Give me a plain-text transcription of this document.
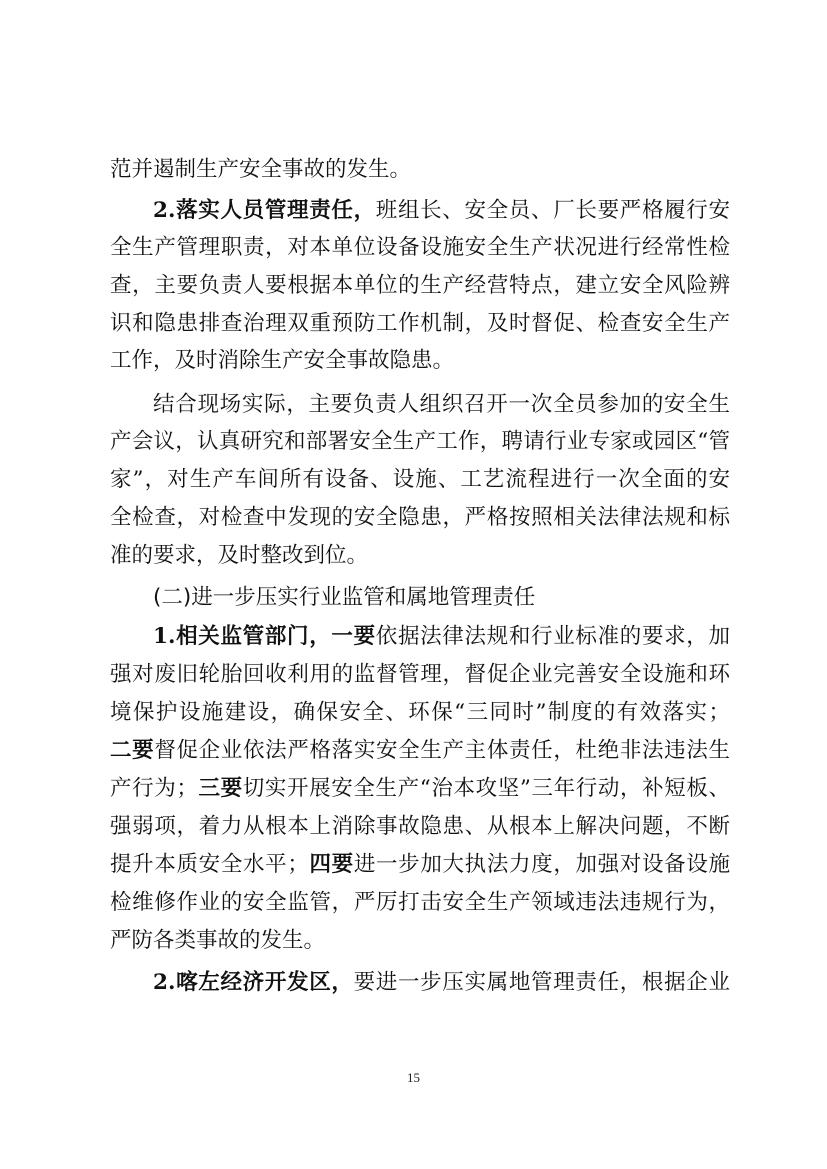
范并遏制生产安全事故的发生。
2.落实人员管理责任，班组长、安全员、厂长要严格履行安
全生产管理职责，对本单位设备设施安全生产状况进行经常性检
查，主要负责人要根据本单位的生产经营特点，建立安全风险辨
识和隐患排查治理双重预防工作机制，及时督促、检查安全生产
工作，及时消除生产安全事故隐患。
结合现场实际，主要负责人组织召开一次全员参加的安全生
产会议，认真研究和部署安全生产工作，聘请行业专家或园区“管
家”，对生产车间所有设备、设施、工艺流程进行一次全面的安
全检查，对检查中发现的安全隐患，严格按照相关法律法规和标
准的要求，及时整改到位。
(二)进一步压实行业监管和属地管理责任
1.相关监管部门，一要依据法律法规和行业标准的要求，加
强对废旧轮胎回收利用的监督管理，督促企业完善安全设施和环
境保护设施建设，确保安全、环保“三同时”制度的有效落实；
二要督促企业依法严格落实安全生产主体责任，杜绝非法违法生
产行为；三要切实开展安全生产“治本攻坚”三年行动，补短板、
强弱项，着力从根本上消除事故隐患、从根本上解决问题，不断
提升本质安全水平；四要进一步加大执法力度，加强对设备设施
检维修作业的安全监管，严厉打击安全生产领域违法违规行为，
严防各类事故的发生。
2.喀左经济开发区，要进一步压实属地管理责任，根据企业
15
